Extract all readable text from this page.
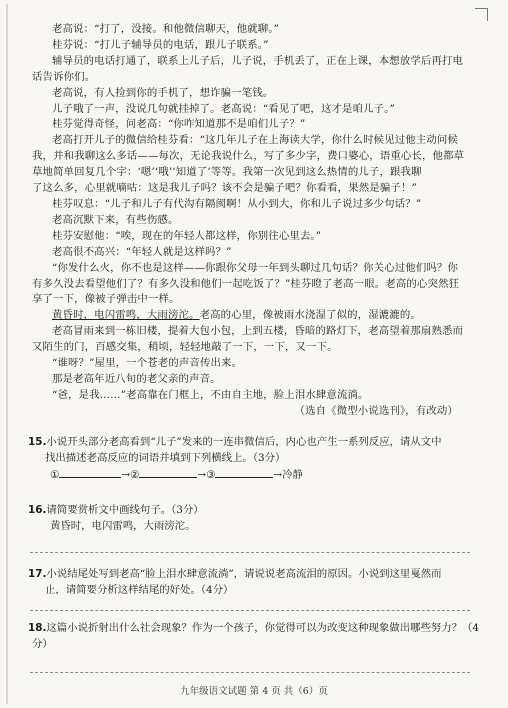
老高说：“打了，没接。和他微信聊天，他就聊。”
桂芬说：“打儿子辅导员的电话，跟儿子联系。”
辅导员的电话打通了，联系上儿子后，儿子说，手机丢了，正在上课，本想放学后再打电
话告诉你们。
老高说，有人捡到你的手机了，想诈骗一笔钱。
儿子哦了一声，没说几句就挂掉了。老高说：“看见了吧，这才是咱儿子。”
桂芬觉得奇怪，问老高：“你咋知道那不是咱们儿子？”
老高打开儿子的微信给桂芬看：“这几年儿子在上海读大学，你什么时候见过他主动问候
我，并和我聊这么多话——每次，无论我说什么，写了多少字，费口婆心，语重心长，他都草
草地简单回复几个字：‘嗯’‘哦’‘知道了’等等。我第一次见到这么热情的儿子，跟我聊
了这么多，心里就嘀咕：这是我儿子吗？该不会是骗子吧？你看看，果然是骗子！”
桂芬叹息：“儿子和儿子有代沟有隔阂啊！从小到大，你和儿子说过多少句话？”
老高沉默下来，有些伤感。
桂芬安慰他：“唉，现在的年轻人都这样，你别往心里去。”
老高很不高兴：“年轻人就是这样吗？”
“你发什么火，你不也是这样——你跟你父母一年到头聊过几句话？你关心过他们吗？你
有多久没去看望他们了？有多久没和他们一起吃饭了？”桂芬瞪了老高一眼。老高的心突然狂
享了一下，像被子弹击中一样。
黄昏时，电闪雷鸣，大雨滂沱。老高的心里，像被雨水浇湿了似的，湿漉漉的。
老高冒雨来到一栋旧楼，提着大包小包，上到五楼，昏暗的路灯下，老高望着那扇熟悉而
又陌生的门，百感交集，稍顷，轻轻地敲了一下，一下，又一下。
“谁呀？”屋里，一个苍老的声音传出来。
那是老高年近八旬的老父亲的声音。
“爸，是我……”老高靠在门框上，不由自主地，脸上泪水肆意流淌。
（选自《微型小说选刊》，有改动）
15.小说开头部分老高看到“儿子”发来的一连串微信后，内心也产生一系列反应，请从文中
找出描述老高反应的词语并填到下列横线上。（3分）
①	→②	→③	→冷静
16.请简要赏析文中画线句子。（3分）
黄昏时，电闪雷鸣，大雨滂沱。
17.小说结尾处写到老高“脸上泪水肆意流淌”，请说说老高流泪的原因。小说到这里戛然而
止，请简要分析这样结尾的好处。（4分）
18.这篇小说折射出什么社会现象？作为一个孩子，你觉得可以为改变这种现象做出哪些努力？（4
分）
九年级语文试题 第 4 页 共（6）页
